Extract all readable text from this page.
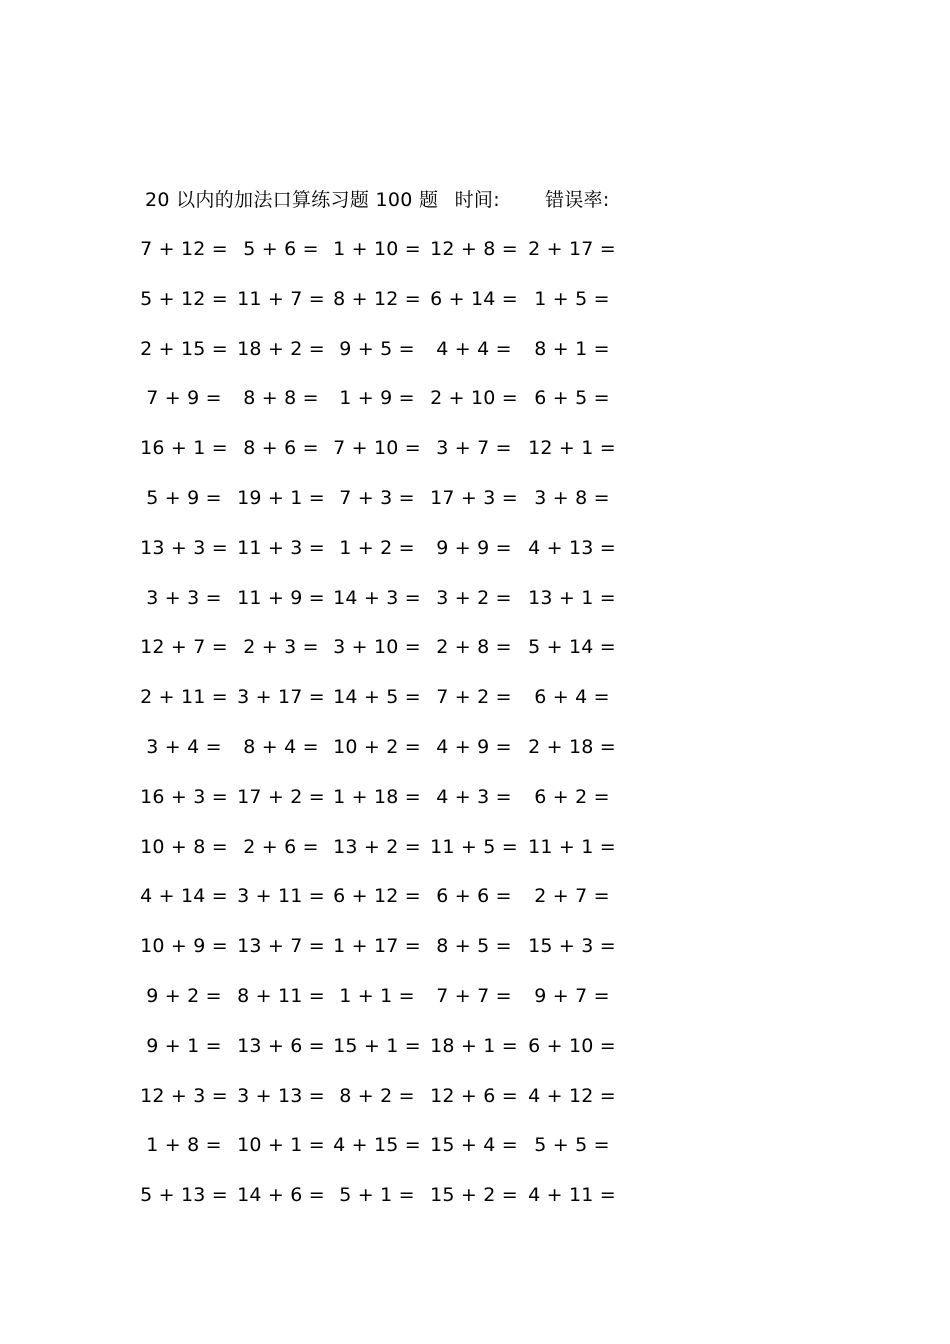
20 以内的加法口算练习题 100 题 时间: 错误率:
7 + 12 = 5 + 6 = 1 + 10 = 12 + 8 = 2 + 17 =
5 + 12 = 11 + 7 = 8 + 12 = 6 + 14 = 1 + 5 =
2 + 15 = 18 + 2 = 9 + 5 = 4 + 4 = 8 + 1 =
7 + 9 = 8 + 8 = 1 + 9 = 2 + 10 = 6 + 5 =
16 + 1 = 8 + 6 = 7 + 10 = 3 + 7 = 12 + 1 =
5 + 9 = 19 + 1 = 7 + 3 = 17 + 3 = 3 + 8 =
13 + 3 = 11 + 3 = 1 + 2 = 9 + 9 = 4 + 13 =
3 + 3 = 11 + 9 = 14 + 3 = 3 + 2 = 13 + 1 =
12 + 7 = 2 + 3 = 3 + 10 = 2 + 8 = 5 + 14 =
2 + 11 = 3 + 17 = 14 + 5 = 7 + 2 = 6 + 4 =
3 + 4 = 8 + 4 = 10 + 2 = 4 + 9 = 2 + 18 =
16 + 3 = 17 + 2 = 1 + 18 = 4 + 3 = 6 + 2 =
10 + 8 = 2 + 6 = 13 + 2 = 11 + 5 = 11 + 1 =
4 + 14 = 3 + 11 = 6 + 12 = 6 + 6 = 2 + 7 =
10 + 9 = 13 + 7 = 1 + 17 = 8 + 5 = 15 + 3 =
9 + 2 = 8 + 11 = 1 + 1 = 7 + 7 = 9 + 7 =
9 + 1 = 13 + 6 = 15 + 1 = 18 + 1 = 6 + 10 =
12 + 3 = 3 + 13 = 8 + 2 = 12 + 6 = 4 + 12 =
1 + 8 = 10 + 1 = 4 + 15 = 15 + 4 = 5 + 5 =
5 + 13 = 14 + 6 = 5 + 1 = 15 + 2 = 4 + 11 =
